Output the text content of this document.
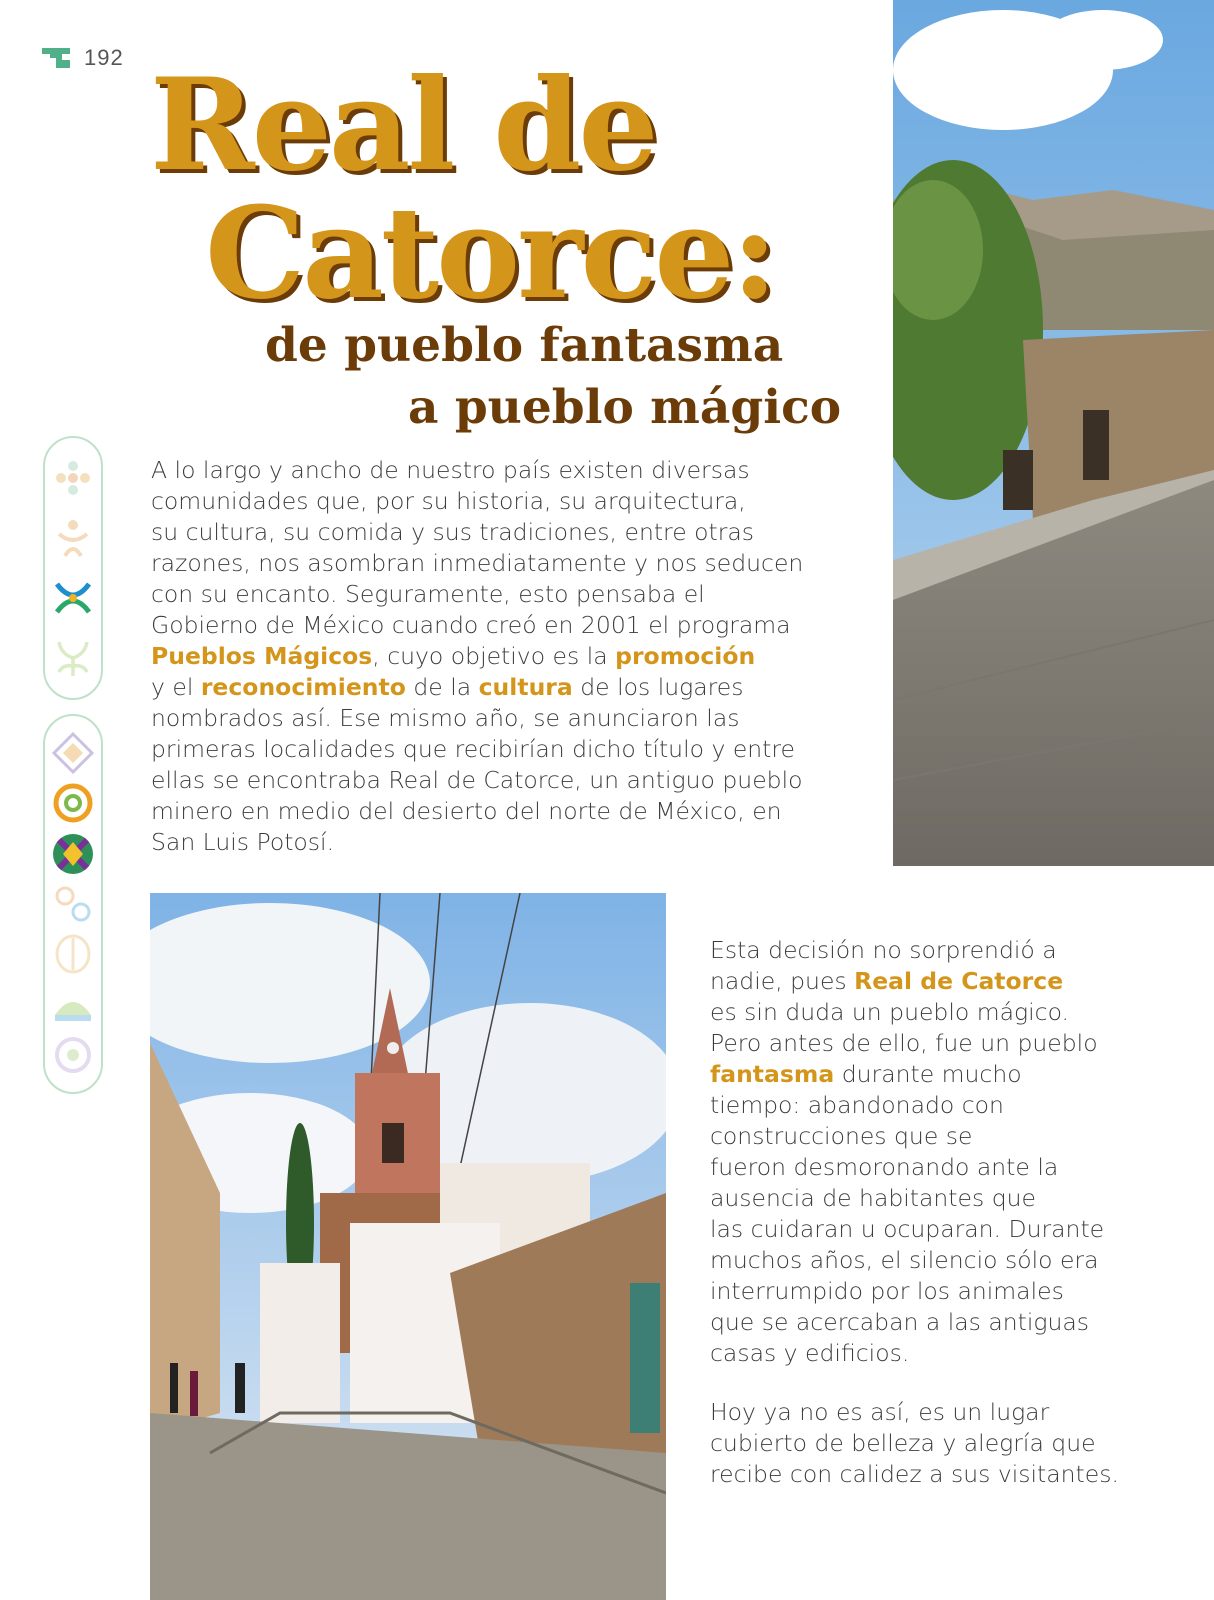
192 Real de
Catorce:
de pueblo fantasma
a pueblo mágico
A lo largo y ancho de nuestro país existen diversas
comunidades que, por su historia, su arquitectura,
su cultura, su comida y sus tradiciones, entre otras
razones, nos asombran inmediatamente y nos seducen
con su encanto. Seguramente, esto pensaba el
Gobierno de México cuando creó en 2001 el programa
Pueblos Mágicos, cuyo objetivo es la promoción
y el reconocimiento de la cultura de los lugares
nombrados así. Ese mismo año, se anunciaron las
primeras localidades que recibirían dicho título y entre
ellas se encontraba Real de Catorce, un antiguo pueblo
minero en medio del desierto del norte de México, en
San Luis Potosí.
Esta decisión no sorprendió a
nadie, pues Real de Catorce
es sin duda un pueblo mágico.
Pero antes de ello, fue un pueblo
fantasma durante mucho
tiempo: abandonado con
construcciones que se
fueron desmoronando ante la
ausencia de habitantes que
las cuidaran u ocuparan. Durante
muchos años, el silencio sólo era
interrumpido por los animales
que se acercaban a las antiguas
casas y edificios.
Hoy ya no es así, es un lugar
cubierto de belleza y alegría que
recibe con calidez a sus visitantes.
